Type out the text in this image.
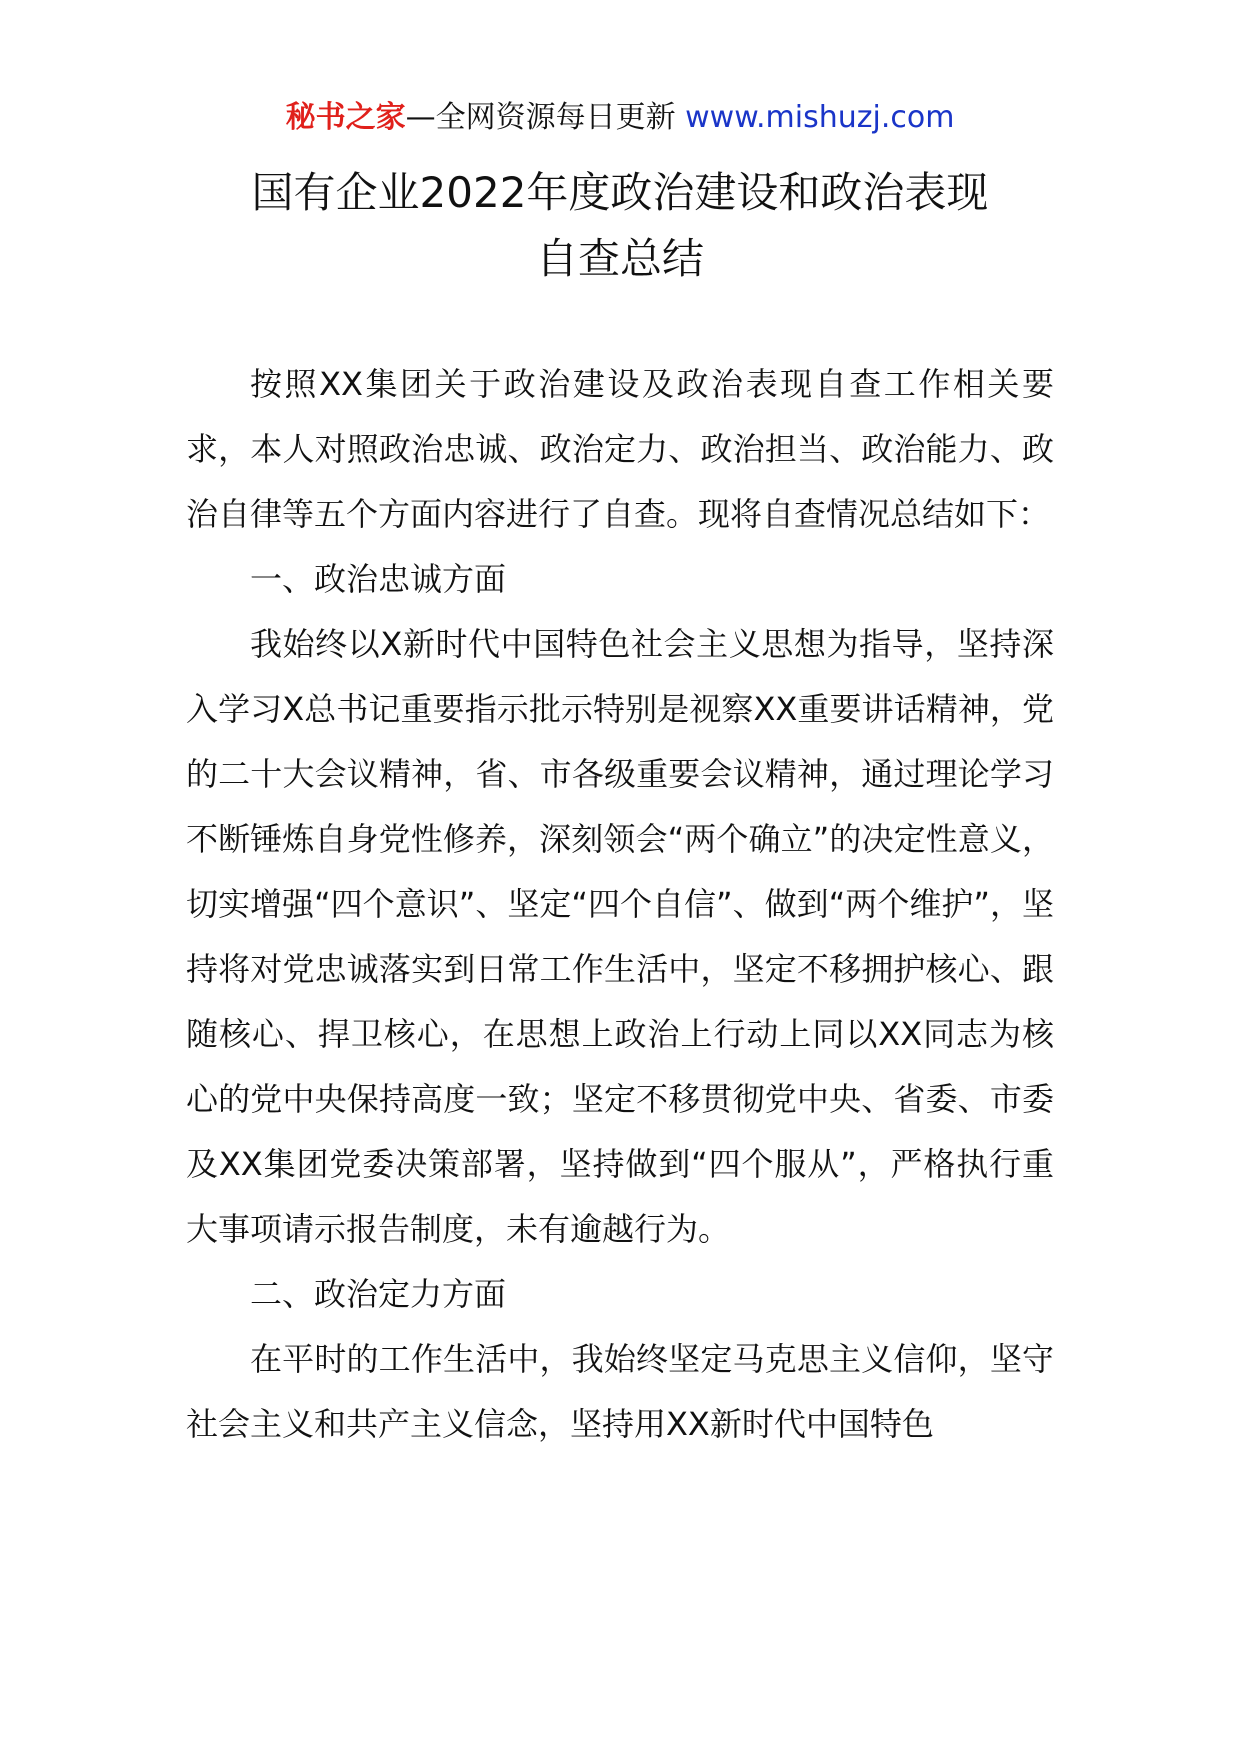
秘书之家—全网资源每日更新 www.mishuzj.com
国有企业2022年度政治建设和政治表现
自查总结

按照XX集团关于政治建设及政治表现自查工作相关要求，本人对照政治忠诚、政治定力、政治担当、政治能力、政治自律等五个方面内容进行了自查。现将自查情况总结如下：

一、政治忠诚方面

我始终以X新时代中国特色社会主义思想为指导，坚持深入学习X总书记重要指示批示特别是视察XX重要讲话精神，党的二十大会议精神，省、市各级重要会议精神，通过理论学习不断锤炼自身党性修养，深刻领会“两个确立”的决定性意义，切实增强“四个意识”、坚定“四个自信”、做到“两个维护”，坚持将对党忠诚落实到日常工作生活中，坚定不移拥护核心、跟随核心、捍卫核心，在思想上政治上行动上同以XX同志为核心的党中央保持高度一致；坚定不移贯彻党中央、省委、市委及XX集团党委决策部署，坚持做到“四个服从”，严格执行重大事项请示报告制度，未有逾越行为。

二、政治定力方面

在平时的工作生活中，我始终坚定马克思主义信仰，坚守社会主义和共产主义信念，坚持用XX新时代中国特色
